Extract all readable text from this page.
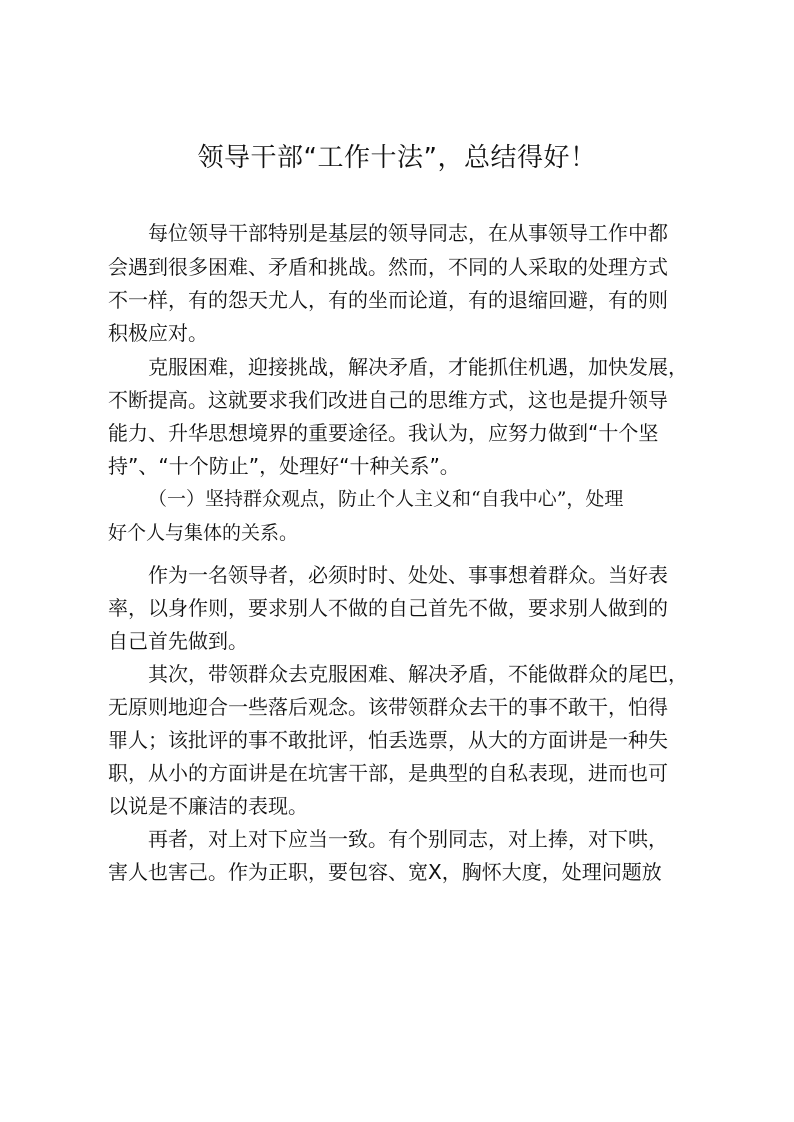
领导干部“工作十法”，总结得好！

每位领导干部特别是基层的领导同志，在从事领导工作中都

会遇到很多困难、矛盾和挑战。然而，不同的人采取的处理方式

不一样，有的怨天尤人，有的坐而论道，有的退缩回避，有的则

积极应对。

克服困难，迎接挑战，解决矛盾，才能抓住机遇，加快发展，

不断提高。这就要求我们改进自己的思维方式，这也是提升领导

能力、升华思想境界的重要途径。我认为，应努力做到“十个坚

持”、“十个防止”，处理好“十种关系”。

（一）坚持群众观点，防止个人主义和“自我中心”，处理

好个人与集体的关系。

作为一名领导者，必须时时、处处、事事想着群众。当好表

率，以身作则，要求别人不做的自己首先不做，要求别人做到的

自己首先做到。

其次，带领群众去克服困难、解决矛盾，不能做群众的尾巴，

无原则地迎合一些落后观念。该带领群众去干的事不敢干，怕得

罪人；该批评的事不敢批评，怕丢选票，从大的方面讲是一种失

职，从小的方面讲是在坑害干部，是典型的自私表现，进而也可

以说是不廉洁的表现。

再者，对上对下应当一致。有个别同志，对上捧，对下哄，

害人也害己。作为正职，要包容、宽X，胸怀大度，处理问题放
